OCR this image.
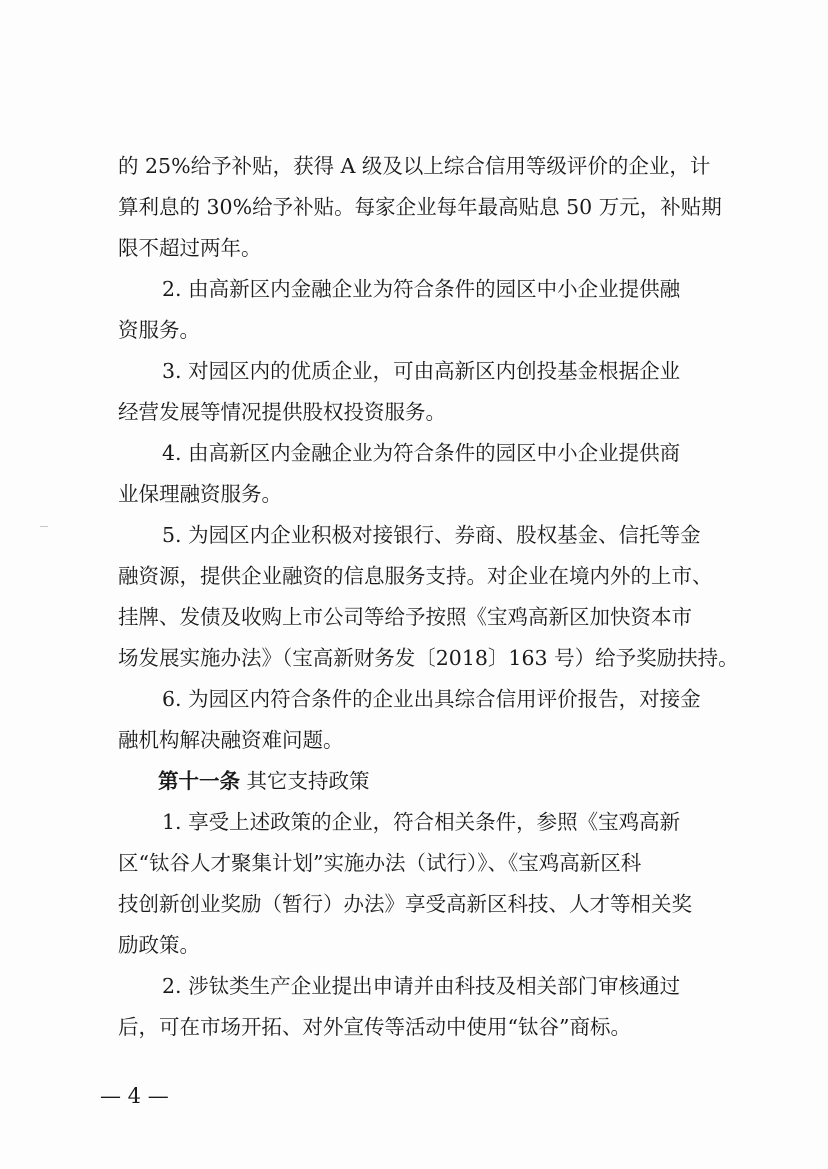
的 25%给予补贴，获得 A 级及以上综合信用等级评价的企业，计
算利息的 30%给予补贴。每家企业每年最高贴息 50 万元，补贴期
限不超过两年。
2. 由高新区内金融企业为符合条件的园区中小企业提供融
资服务。
3. 对园区内的优质企业，可由高新区内创投基金根据企业
经营发展等情况提供股权投资服务。
4. 由高新区内金融企业为符合条件的园区中小企业提供商
业保理融资服务。
5. 为园区内企业积极对接银行、券商、股权基金、信托等金
融资源，提供企业融资的信息服务支持。对企业在境内外的上市、
挂牌、发债及收购上市公司等给予按照《宝鸡高新区加快资本市
场发展实施办法》（宝高新财务发〔2018〕163 号）给予奖励扶持。
6. 为园区内符合条件的企业出具综合信用评价报告，对接金
融机构解决融资难问题。
第十一条 其它支持政策
1. 享受上述政策的企业，符合相关条件，参照《宝鸡高新
区“钛谷人才聚集计划”实施办法（试行）》、《宝鸡高新区科
技创新创业奖励（暂行）办法》享受高新区科技、人才等相关奖
励政策。
2. 涉钛类生产企业提出申请并由科技及相关部门审核通过
后，可在市场开拓、对外宣传等活动中使用“钛谷”商标。
— 4 —
